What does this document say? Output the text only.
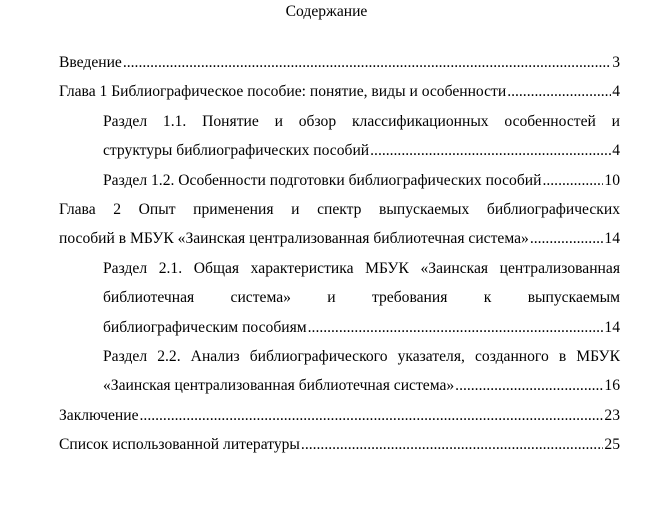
Содержание
Введение .....	3
Глава 1 Библиографическое пособие: понятие, виды и особенности .....	4
Раздел 1.1. Понятие и обзор классификационных особенностей и
структуры библиографических пособий .....	4
Раздел 1.2. Особенности подготовки библиографических пособий .....	10
Глава 2 Опыт применения и спектр выпускаемых библиографических
пособий в МБУК «Заинская централизованная библиотечная система» .....	14
Раздел 2.1. Общая характеристика МБУК «Заинская централизованная
библиотечная система» и требования к выпускаемым
библиографическим пособиям .....	14
Раздел 2.2. Анализ библиографического указателя, созданного в МБУК
«Заинская централизованная библиотечная система» .....	16
Заключение .....	23
Список использованной литературы .....	25
